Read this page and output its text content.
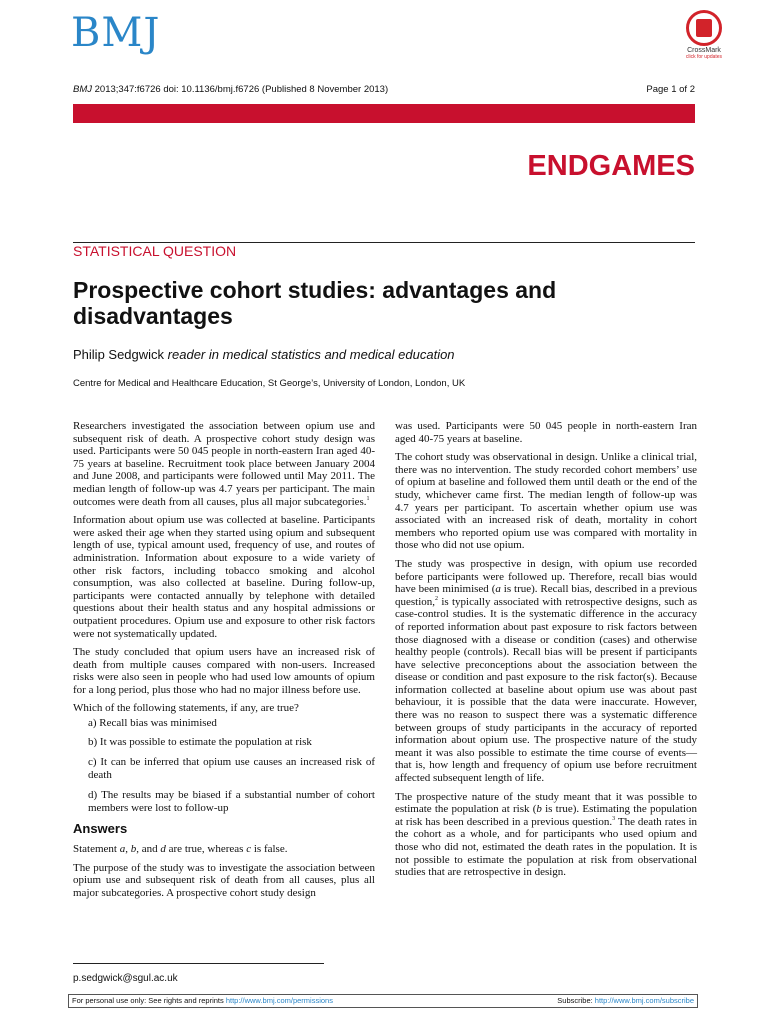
BMJ	CrossMark
click for updates
BMJ 2013;347:f6726 doi: 10.1136/bmj.f6726 (Published 8 November 2013)	Page 1 of 2
ENDGAMES
STATISTICAL QUESTION
Prospective cohort studies: advantages and disadvantages
Philip Sedgwick reader in medical statistics and medical education
Centre for Medical and Healthcare Education, St George’s, University of London, London, UK

Researchers investigated the association between opium use and subsequent risk of death. A prospective cohort study design was used. Participants were 50 045 people in north-eastern Iran aged 40-75 years at baseline. Recruitment took place between January 2004 and June 2008, and participants were followed until May 2011. The median length of follow-up was 4.7 years per participant. The main outcomes were death from all causes, plus all major subcategories.$^1$

Information about opium use was collected at baseline. Participants were asked their age when they started using opium and subsequent length of use, typical amount used, frequency of use, and routes of administration. Information about exposure to a wide variety of other risk factors, including tobacco smoking and alcohol consumption, was also collected at baseline. During follow-up, participants were contacted annually by telephone with detailed questions about their health status and any hospital admissions or outpatient procedures. Opium use and exposure to other risk factors were not systematically updated.

The study concluded that opium users have an increased risk of death from multiple causes compared with non-users. Increased risks were also seen in people who had used low amounts of opium for a long period, plus those who had no major illness before use.

Which of the following statements, if any, are true?

a) Recall bias was minimised
b) It was possible to estimate the population at risk
c) It can be inferred that opium use causes an increased risk of death
d) The results may be biased if a substantial number of cohort members were lost to follow-up
Answers

Statement a, b, and d are true, whereas c is false.

The purpose of the study was to investigate the association between opium use and subsequent risk of death from all causes, plus all major subcategories. A prospective cohort study design

was used. Participants were 50 045 people in north-eastern Iran aged 40-75 years at baseline.

The cohort study was observational in design. Unlike a clinical trial, there was no intervention. The study recorded cohort members’ use of opium at baseline and followed them until death or the end of the study, whichever came first. The median length of follow-up was 4.7 years per participant. To ascertain whether opium use was associated with an increased risk of death, mortality in cohort members who reported opium use was compared with mortality in those who did not use opium.

The study was prospective in design, with opium use recorded before participants were followed up. Therefore, recall bias would have been minimised (a is true). Recall bias, described in a previous question,$^2$ is typically associated with retrospective designs, such as case-control studies. It is the systematic difference in the accuracy of reported information about past exposure to risk factors between those diagnosed with a disease or condition (cases) and otherwise healthy people (controls). Recall bias will be present if participants have selective preconceptions about the association between the disease or condition and past exposure to the risk factor(s). Because information collected at baseline about opium use was about past behaviour, it is possible that the data were inaccurate. However, there was no reason to suspect there was a systematic difference between groups of study participants in the accuracy of reported information about opium use. The prospective nature of the study meant it was also possible to estimate the time course of events—that is, how length and frequency of opium use before recruitment affected subsequent length of life.

The prospective nature of the study meant that it was possible to estimate the population at risk (b is true). Estimating the population at risk has been described in a previous question.$^3$ The death rates in the cohort as a whole, and for participants who used opium and those who did not, estimated the death rates in the population. It is not possible to estimate the population at risk from observational studies that are retrospective in design.

p.sedgwick@sgul.ac.uk
For personal use only: See rights and reprints http://www.bmj.com/permissions	Subscribe: http://www.bmj.com/subscribe
